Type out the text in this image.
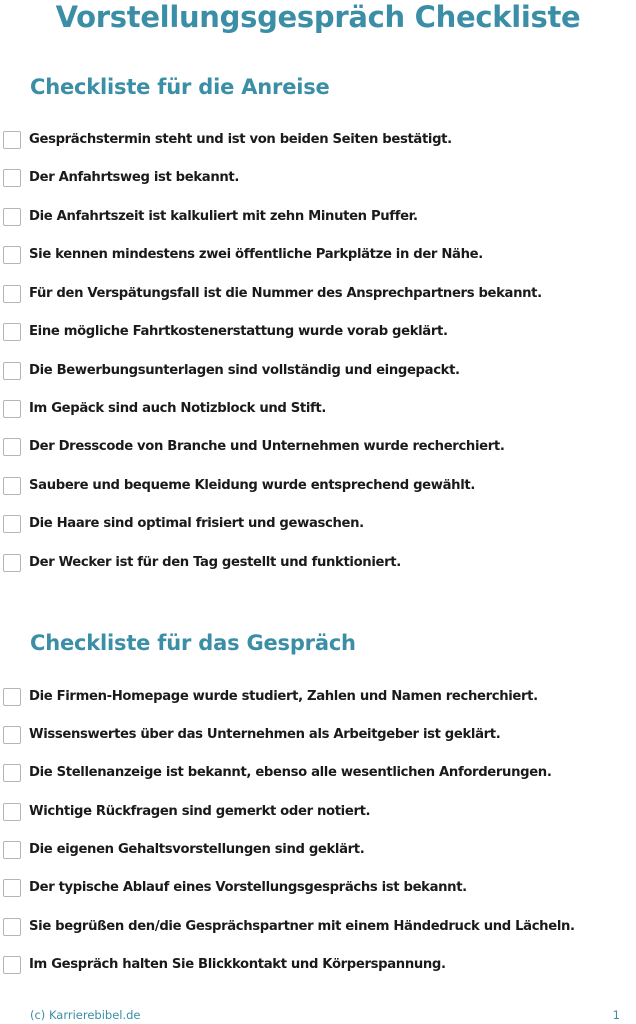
Vorstellungsgespräch Checkliste
Checkliste für die Anreise
Gesprächstermin steht und ist von beiden Seiten bestätigt.
Der Anfahrtsweg ist bekannt.
Die Anfahrtszeit ist kalkuliert mit zehn Minuten Puffer.
Sie kennen mindestens zwei öffentliche Parkplätze in der Nähe.
Für den Verspätungsfall ist die Nummer des Ansprechpartners bekannt.
Eine mögliche Fahrtkostenerstattung wurde vorab geklärt.
Die Bewerbungsunterlagen sind vollständig und eingepackt.
Im Gepäck sind auch Notizblock und Stift.
Der Dresscode von Branche und Unternehmen wurde recherchiert.
Saubere und bequeme Kleidung wurde entsprechend gewählt.
Die Haare sind optimal frisiert und gewaschen.
Der Wecker ist für den Tag gestellt und funktioniert.
Checkliste für das Gespräch
Die Firmen-Homepage wurde studiert, Zahlen und Namen recherchiert.
Wissenswertes über das Unternehmen als Arbeitgeber ist geklärt.
Die Stellenanzeige ist bekannt, ebenso alle wesentlichen Anforderungen.
Wichtige Rückfragen sind gemerkt oder notiert.
Die eigenen Gehaltsvorstellungen sind geklärt.
Der typische Ablauf eines Vorstellungsgesprächs ist bekannt.
Sie begrüßen den/die Gesprächspartner mit einem Händedruck und Lächeln.
Im Gespräch halten Sie Blickkontakt und Körperspannung.
(c) Karrierebibel.de	1
